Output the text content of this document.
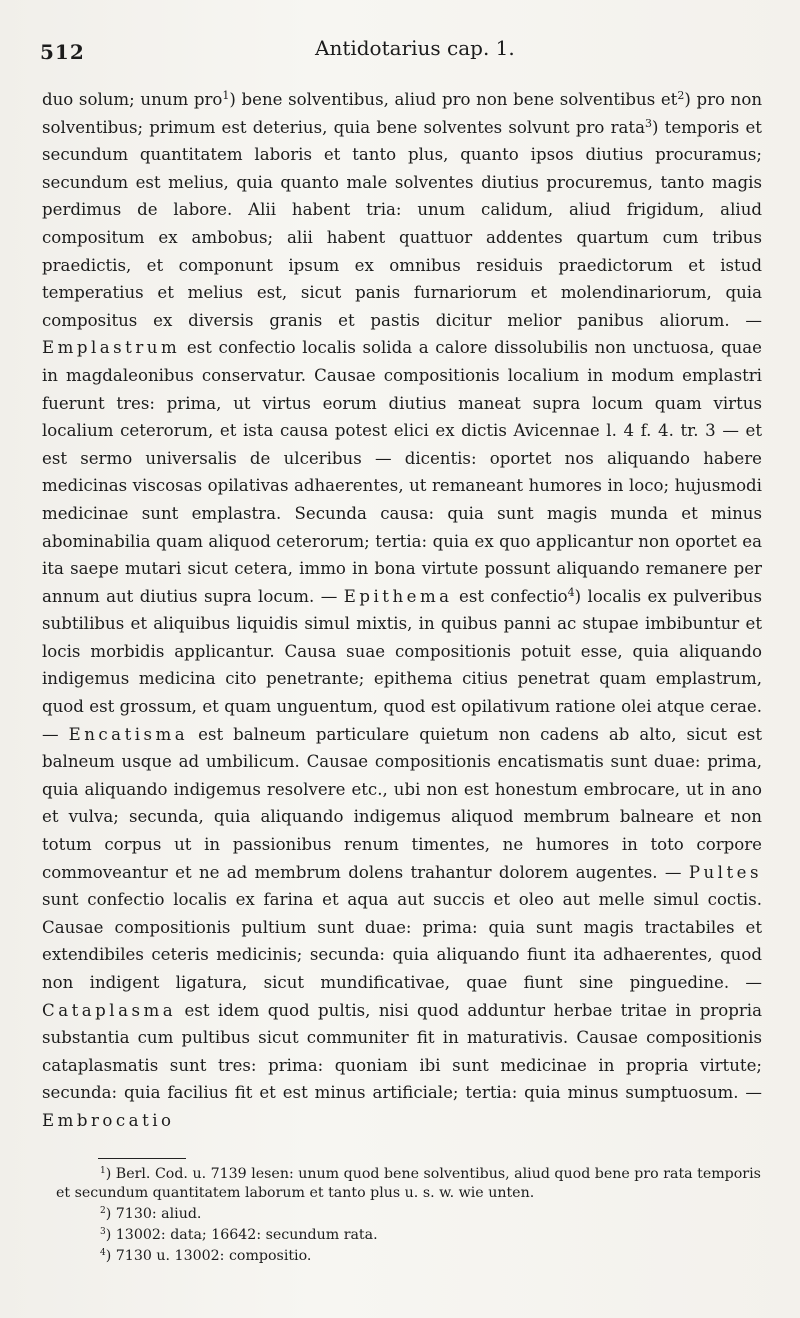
512	Antidotarius cap. 1.

duo solum; unum pro$^1$) bene solventibus, aliud pro non bene solventibus $et^2$) pro non solventibus; primum est deterius, quia bene solventes solvunt pro rata$^3$) temporis et secundum quantitatem laboris et tanto plus, quanto ipsos diutius procuramus; secundum est melius, quia quanto male solventes diutius procuremus, tanto magis perdimus de labore. Alii habent tria: unum calidum, aliud frigidum, aliud compositum ex ambobus; alii habent quattuor addentes quartum cum tribus praedictis, et componunt ipsum ex omnibus residuis praedictorum et istud temperatius et melius est, sicut panis furnariorum et molendinariorum, quia compositus ex diversis granis et pastis dicitur melior panibus aliorum. — Emplastrum est confectio localis solida a calore dissolubilis non unctuosa, quae in magdaleonibus conservatur. Causae compositionis localium in modum emplastri fuerunt tres: prima, ut virtus eorum diutius maneat supra locum quam virtus localium ceterorum, et ista causa potest elici ex dictis Avicennae l. 4 f. 4. tr. 3 — et est sermo universalis de ulceribus — dicentis: oportet nos aliquando habere medicinas viscosas opilativas adhaerentes, ut remaneant humores in loco; hujusmodi medicinae sunt emplastra. Secunda causa: quia sunt magis munda et minus abominabilia quam aliquod ceterorum; tertia: quia ex quo applicantur non oportet ea ita saepe mutari sicut cetera, immo in bona virtute possunt aliquando remanere per annum aut diutius supra locum. — Epithema est confectio$^4$) localis ex pulveribus subtilibus et aliquibus liquidis simul mixtis, in quibus panni ac stupae imbibuntur et locis morbidis applicantur. Causa suae compositionis potuit esse, quia aliquando indigemus medicina cito penetrante; epithema citius penetrat quam emplastrum, quod est grossum, et quam unguentum, quod est opilativum ratione olei atque cerae. — Encatisma est balneum particulare quietum non cadens ab alto, sicut est balneum usque ad umbilicum. Causae compositionis encatismatis sunt duae: prima, quia aliquando indigemus resolvere etc., ubi non est honestum embrocare, ut in ano et vulva; secunda, quia aliquando indigemus aliquod membrum balneare et non totum corpus ut in passionibus renum timentes, ne humores in toto corpore commoveantur et ne ad membrum dolens trahantur dolorem augentes. — Pultes sunt confectio localis ex farina et aqua aut succis et oleo aut melle simul coctis. Causae compositionis pultium sunt duae: prima: quia sunt magis tractabiles et extendibiles ceteris medicinis; secunda: quia aliquando fiunt ita adhaerentes, quod non indigent ligatura, sicut mundificativae, quae fiunt sine pinguedine. — Cataplasma est idem quod pultis, nisi quod adduntur herbae tritae in propria substantia cum pultibus sicut communiter fit in maturativis. Causae compositionis cataplasmatis sunt tres: prima: quoniam ibi sunt medicinae in propria virtute; secunda: quia facilius fit et est minus artificiale; tertia: quia minus sumptuosum. — Embrocatio

$^1$) Berl. Cod. u. 7139 lesen: unum quod bene solventibus, aliud quod bene pro rata temporis et secundum quantitatem laborum et tanto plus u. s. w. wie unten.

$^2$) 7130: aliud.

$^3$) 13002: data; 16642: secundum rata.

$^4$) 7130 u. 13002: compositio.
